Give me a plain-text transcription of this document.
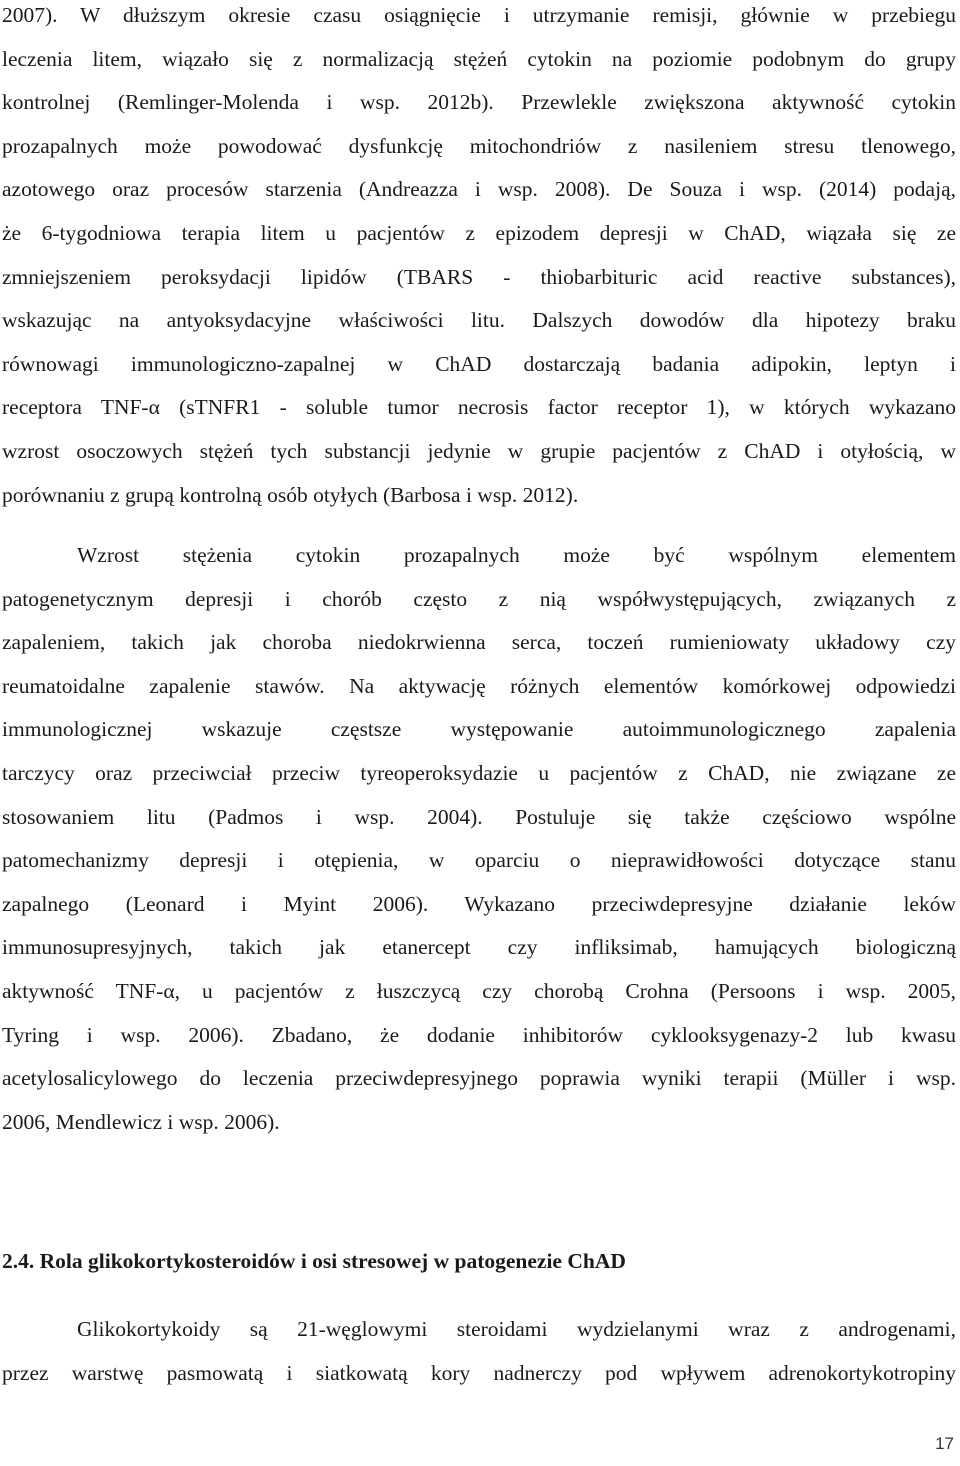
2007). W dłuższym okresie czasu osiągnięcie i utrzymanie remisji, głównie w przebiegu
leczenia litem, wiązało się z normalizacją stężeń cytokin na poziomie podobnym do grupy
kontrolnej (Remlinger-Molenda i wsp. 2012b). Przewlekle zwiększona aktywność cytokin
prozapalnych może powodować dysfunkcję mitochondriów z nasileniem stresu tlenowego,
azotowego oraz procesów starzenia (Andreazza i wsp. 2008). De Souza i wsp. (2014) podają,
że 6-tygodniowa terapia litem u pacjentów z epizodem depresji w ChAD, wiązała się ze
zmniejszeniem peroksydacji lipidów (TBARS - thiobarbituric acid reactive substances),
wskazując na antyoksydacyjne właściwości litu. Dalszych dowodów dla hipotezy braku
równowagi immunologiczno-zapalnej w ChAD dostarczają badania adipokin, leptyn i
receptora TNF-α (sTNFR1 - soluble tumor necrosis factor receptor 1), w których wykazano
wzrost osoczowych stężeń tych substancji jedynie w grupie pacjentów z ChAD i otyłością, w
porównaniu z grupą kontrolną osób otyłych (Barbosa i wsp. 2012).
Wzrost stężenia cytokin prozapalnych może być wspólnym elementem
patogenetycznym depresji i chorób często z nią współwystępujących, związanych z
zapaleniem, takich jak choroba niedokrwienna serca, toczeń rumieniowaty układowy czy
reumatoidalne zapalenie stawów. Na aktywację różnych elementów komórkowej odpowiedzi
immunologicznej wskazuje częstsze występowanie autoimmunologicznego zapalenia
tarczycy oraz przeciwciał przeciw tyreoperoksydazie u pacjentów z ChAD, nie związane ze
stosowaniem litu (Padmos i wsp. 2004). Postuluje się także częściowo wspólne
patomechanizmy depresji i otępienia, w oparciu o nieprawidłowości dotyczące stanu
zapalnego (Leonard i Myint 2006). Wykazano przeciwdepresyjne działanie leków
immunosupresyjnych, takich jak etanercept czy infliksimab, hamujących biologiczną
aktywność TNF-α, u pacjentów z łuszczycą czy chorobą Crohna (Persoons i wsp. 2005,
Tyring i wsp. 2006). Zbadano, że dodanie inhibitorów cyklooksygenazy-2 lub kwasu
acetylosalicylowego do leczenia przeciwdepresyjnego poprawia wyniki terapii (Müller i wsp.
2006, Mendlewicz i wsp. 2006).
2.4. Rola glikokortykosteroidów i osi stresowej w patogenezie ChAD
Glikokortykoidy są 21-węglowymi steroidami wydzielanymi wraz z androgenami,
przez warstwę pasmowatą i siatkowatą kory nadnerczy pod wpływem adrenokortykotropiny
17
